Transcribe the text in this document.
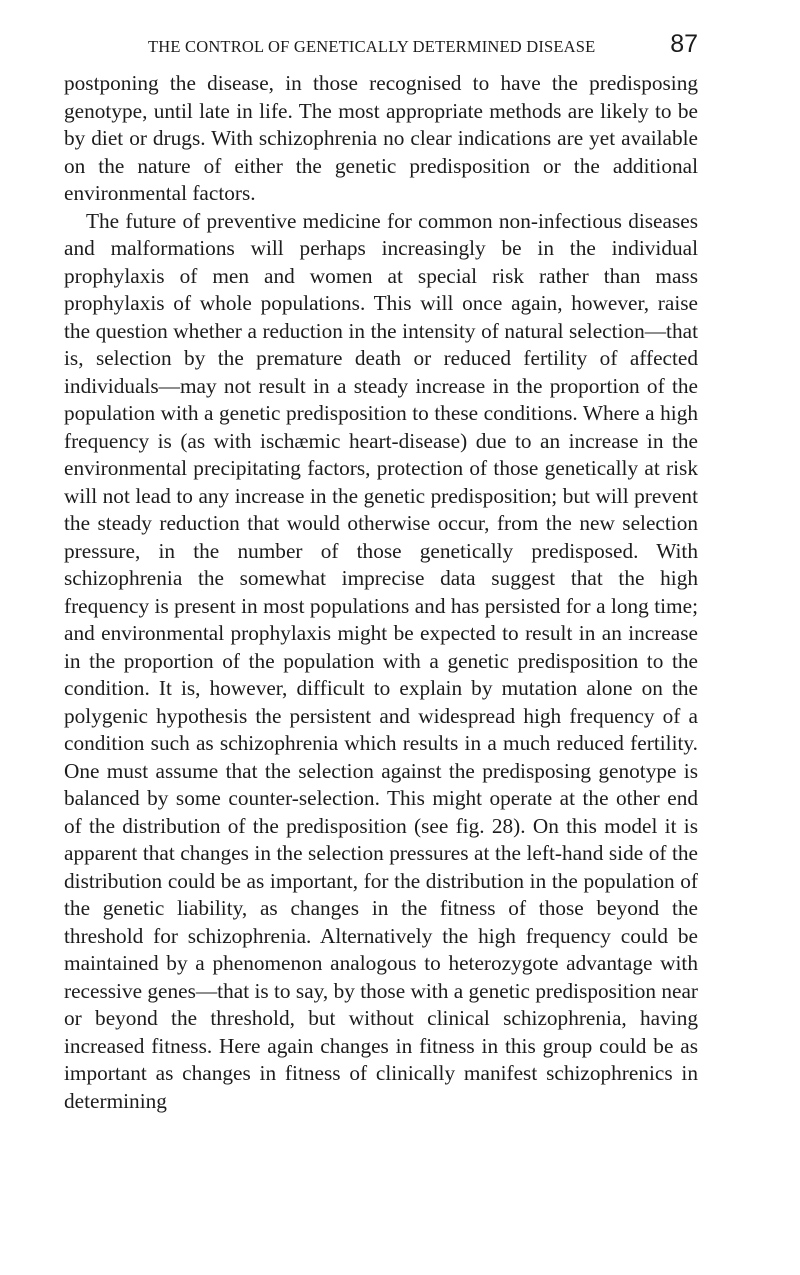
THE CONTROL OF GENETICALLY DETERMINED DISEASE	87

postponing the disease, in those recognised to have the predisposing genotype, until late in life. The most appropriate methods are likely to be by diet or drugs. With schizophrenia no clear indications are yet available on the nature of either the genetic predisposition or the additional environmental factors.

The future of preventive medicine for common non-infectious diseases and malformations will perhaps increasingly be in the individual prophylaxis of men and women at special risk rather than mass prophylaxis of whole populations. This will once again, however, raise the question whether a reduction in the intensity of natural selection—that is, selection by the premature death or reduced fertility of affected individuals—may not result in a steady increase in the proportion of the population with a genetic predisposition to these conditions. Where a high frequency is (as with ischæmic heart-disease) due to an increase in the environmental precipitating factors, protection of those genetically at risk will not lead to any increase in the genetic predisposition; but will prevent the steady reduction that would otherwise occur, from the new selection pressure, in the number of those genetically predisposed. With schizophrenia the somewhat imprecise data suggest that the high frequency is present in most populations and has persisted for a long time; and environmental prophylaxis might be expected to result in an increase in the proportion of the population with a genetic predisposition to the condition. It is, however, difficult to explain by mutation alone on the polygenic hypothesis the persistent and widespread high frequency of a condition such as schizophrenia which results in a much reduced fertility. One must assume that the selection against the predisposing genotype is balanced by some counter-selection. This might operate at the other end of the distribution of the predisposition (see fig. 28). On this model it is apparent that changes in the selection pressures at the left-hand side of the distribution could be as important, for the distribution in the population of the genetic liability, as changes in the fitness of those beyond the threshold for schizophrenia. Alternatively the high frequency could be maintained by a phenomenon analogous to heterozygote advantage with recessive genes—that is to say, by those with a genetic predisposition near or beyond the threshold, but without clinical schizophrenia, having increased fitness. Here again changes in fitness in this group could be as important as changes in fitness of clinically manifest schizophrenics in determining
